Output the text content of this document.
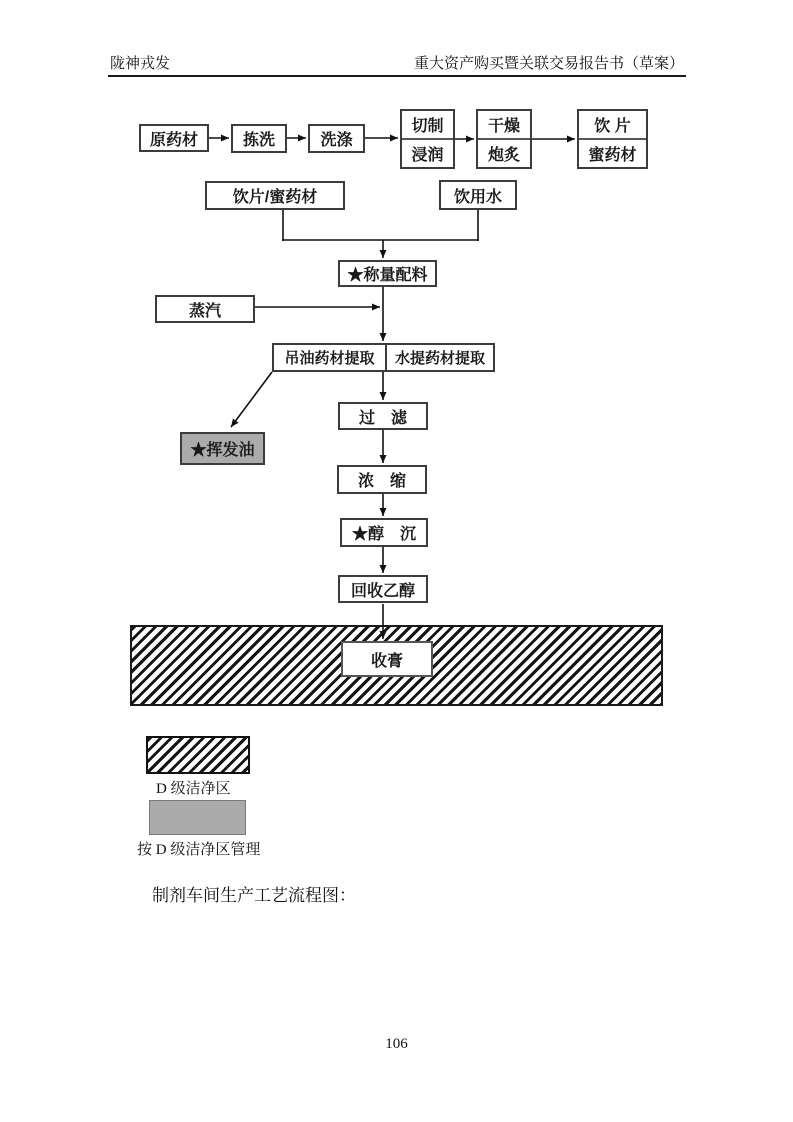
陇神戎发	重大资产购买暨关联交易报告书（草案）
原药材	拣洗	洗涤
切制
浸润
干燥
炮炙
饮 片
蜜药材
饮片/蜜药材	饮用水
★称量配料
蒸汽
吊油药材提取	水提药材提取
★挥发油
过　滤
浓　缩
★醇　沉
回收乙醇
收膏
D 级洁净区
按 D 级洁净区管理
制剂车间生产工艺流程图：
106
